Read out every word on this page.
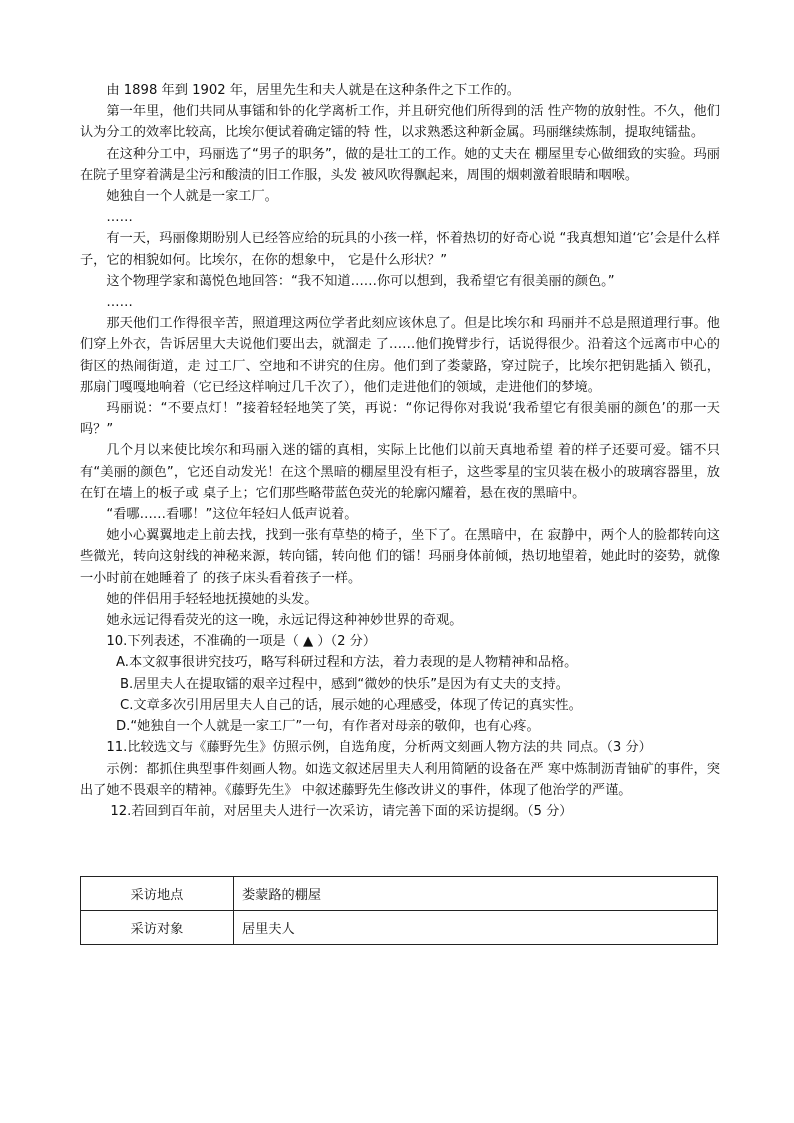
由 1898 年到 1902 年，居里先生和夫人就是在这种条件之下工作的。

第一年里，他们共同从事镭和钋的化学离析工作，并且研究他们所得到的活 性产物的放射性。不久，他们认为分工的效率比较高，比埃尔便试着确定镭的特 性，以求熟悉这种新金属。玛丽继续炼制，提取纯镭盐。

在这种分工中，玛丽选了“男子的职务”，做的是壮工的工作。她的丈夫在 棚屋里专心做细致的实验。玛丽在院子里穿着满是尘污和酸渍的旧工作服，头发 被风吹得飘起来，周围的烟刺激着眼睛和咽喉。

她独自一个人就是一家工厂。

……

有一天，玛丽像期盼别人已经答应给的玩具的小孩一样，怀着热切的好奇心说 “我真想知道‘它’会是什么样子，它的相貌如何。比埃尔，在你的想象中， 它是什么形状？”

这个物理学家和蔼悦色地回答：“我不知道……你可以想到，我希望它有很美丽的颜色。”

……

那天他们工作得很辛苦，照道理这两位学者此刻应该休息了。但是比埃尔和 玛丽并不总是照道理行事。他们穿上外衣，告诉居里大夫说他们要出去，就溜走 了……他们挽臂步行，话说得很少。沿着这个远离市中心的街区的热闹街道，走 过工厂、空地和不讲究的住房。他们到了娄蒙路，穿过院子，比埃尔把钥匙插入 锁孔，那扇门嘎嘎地响着（它已经这样响过几千次了），他们走进他们的领域，走进他们的梦境。

玛丽说：“不要点灯！”接着轻轻地笑了笑，再说：“你记得你对我说‘我希望它有很美丽的颜色’的那一天吗？”

几个月以来使比埃尔和玛丽入迷的镭的真相，实际上比他们以前天真地希望 着的样子还要可爱。镭不只有“美丽的颜色”，它还自动发光！在这个黑暗的棚屋里没有柜子，这些零星的宝贝装在极小的玻璃容器里，放在钉在墙上的板子或 桌子上；它们那些略带蓝色荧光的轮廓闪耀着，悬在夜的黑暗中。

“看哪……看哪！”这位年轻妇人低声说着。

她小心翼翼地走上前去找，找到一张有草垫的椅子，坐下了。在黑暗中，在 寂静中，两个人的脸都转向这些微光，转向这射线的神秘来源，转向镭，转向他 们的镭！玛丽身体前倾，热切地望着，她此时的姿势，就像一小时前在她睡着了 的孩子床头看着孩子一样。

她的伴侣用手轻轻地抚摸她的头发。

她永远记得看荧光的这一晚，永远记得这种神妙世界的奇观。

10.下列表述，不准确的一项是（ ▲ ）（2 分）

A.本文叙事很讲究技巧，略写科研过程和方法，着力表现的是人物精神和品格。

B.居里夫人在提取镭的艰辛过程中，感到“微妙的快乐”是因为有丈夫的支持。

C.文章多次引用居里夫人自己的话，展示她的心理感受，体现了传记的真实性。

D.“她独自一个人就是一家工厂”一句，有作者对母亲的敬仰，也有心疼。

11.比较选文与《藤野先生》仿照示例，自选角度，分析两文刻画人物方法的共 同点。（3 分）

示例：都抓住典型事件刻画人物。如选文叙述居里夫人利用简陋的设备在严 寒中炼制沥青铀矿的事件，突出了她不畏艰辛的精神。《藤野先生》 中叙述藤野先生修改讲义的事件，体现了他治学的严谨。

12.若回到百年前，对居里夫人进行一次采访，请完善下面的采访提纲。（5 分）

采访地点	娄蒙路的棚屋
采访对象	居里夫人
